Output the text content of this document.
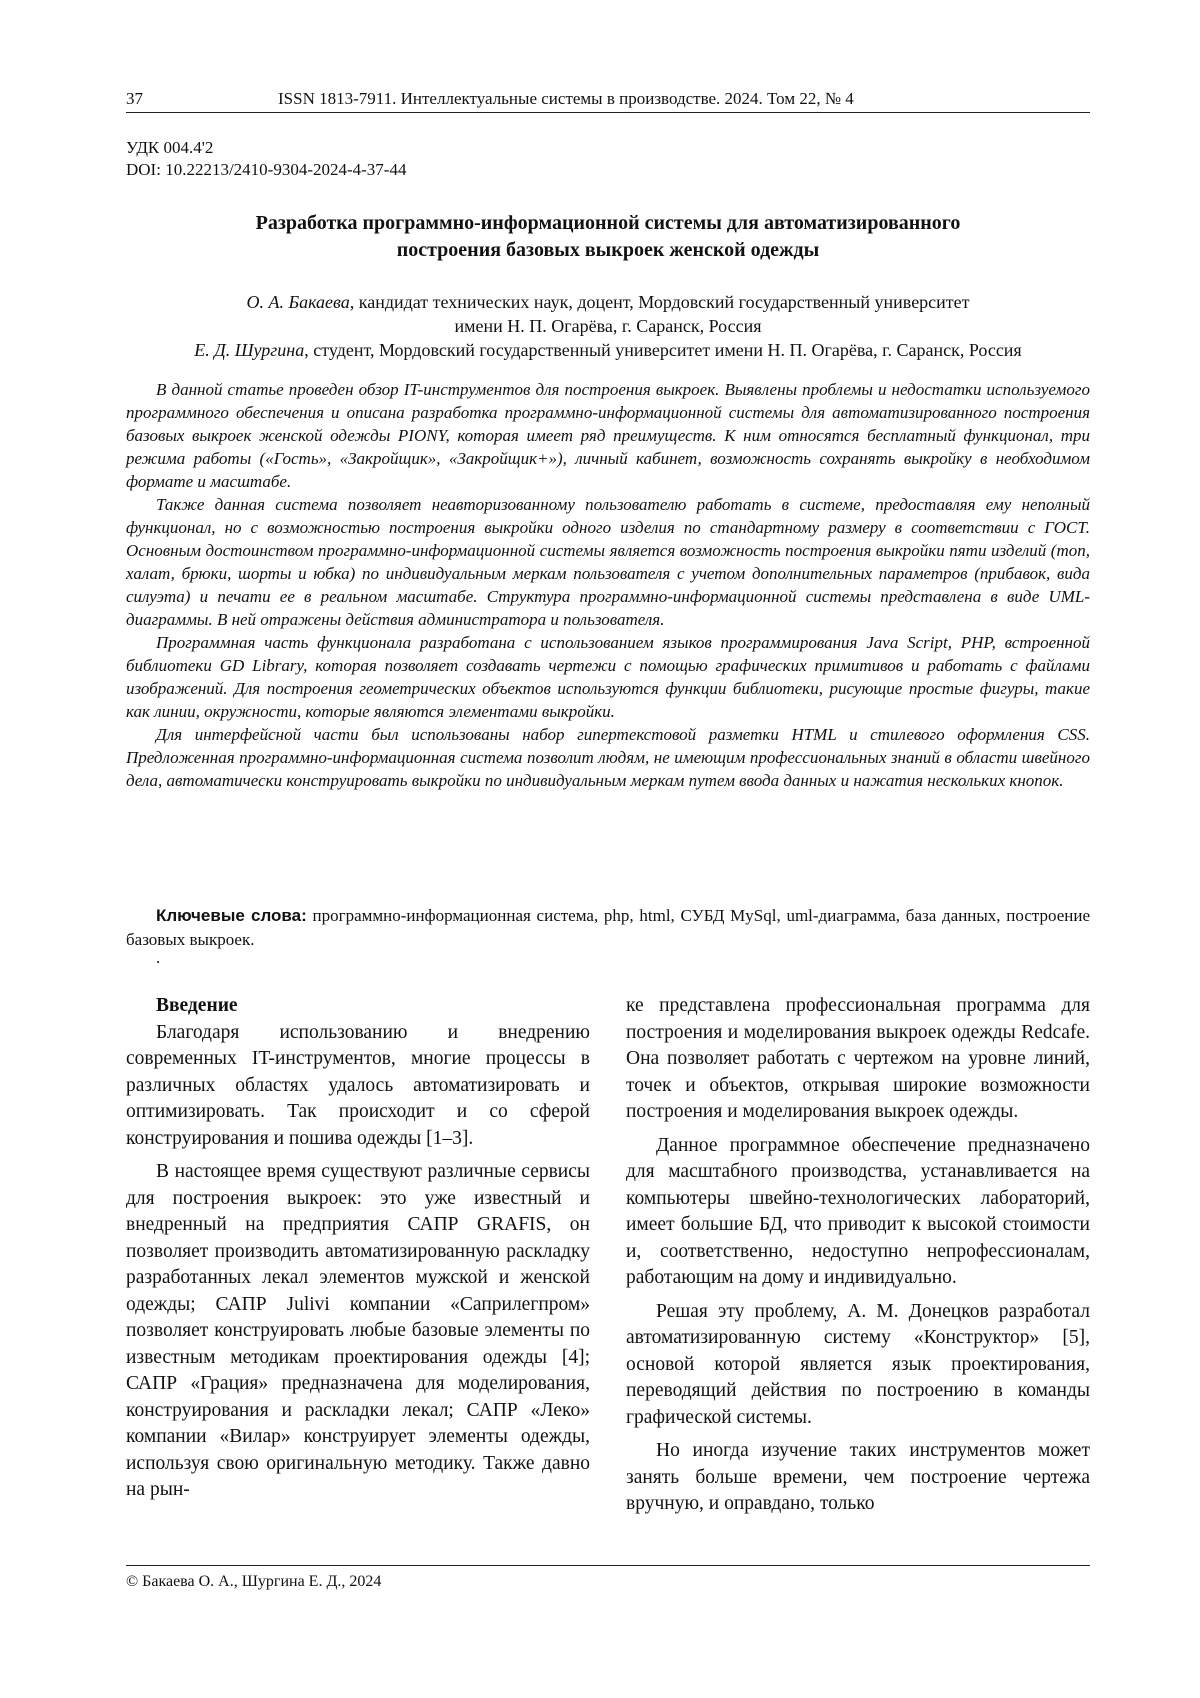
37	ISSN 1813-7911. Интеллектуальные системы в производстве. 2024. Том 22, № 4
УДК 004.4'2
DOI: 10.22213/2410-9304-2024-4-37-44
Разработка программно-информационной системы для автоматизированного
построения базовых выкроек женской одежды
О. А. Бакаева, кандидат технических наук, доцент, Мордовский государственный университет
имени Н. П. Огарёва, г. Саранск, Россия
Е. Д. Шургина, студент, Мордовский государственный университет имени Н. П. Огарёва, г. Саранск, Россия

В данной статье проведен обзор IT-инструментов для построения выкроек. Выявлены проблемы и недостатки используемого программного обеспечения и описана разработка программно-информационной системы для автоматизированного построения базовых выкроек женской одежды PIONY, которая имеет ряд преимуществ. К ним относятся бесплатный функционал, три режима работы («Гость», «Закройщик», «Закройщик+»), личный кабинет, возможность сохранять выкройку в необходимом формате и масштабе.

Также данная система позволяет неавторизованному пользователю работать в системе, предоставляя ему неполный функционал, но с возможностью построения выкройки одного изделия по стандартному размеру в соответствии с ГОСТ. Основным достоинством программно-информационной системы является возможность построения выкройки пяти изделий (топ, халат, брюки, шорты и юбка) по индивидуальным меркам пользователя с учетом дополнительных параметров (прибавок, вида силуэта) и печати ее в реальном масштабе. Структура программно-информационной системы представлена в виде UML-диаграммы. В ней отражены действия администратора и пользователя.

Программная часть функционала разработана с использованием языков программирования Java Script, PHP, встроенной библиотеки GD Library, которая позволяет создавать чертежи с помощью графических примитивов и работать с файлами изображений. Для построения геометрических объектов используются функции библиотеки, рисующие простые фигуры, такие как линии, окружности, которые являются элементами выкройки.

Для интерфейсной части был использованы набор гипертекстовой разметки HTML и стилевого оформления CSS. Предложенная программно-информационная система позволит людям, не имеющим профессиональных знаний в области швейного дела, автоматически конструировать выкройки по индивидуальным меркам путем ввода данных и нажатия нескольких кнопок.

Ключевые слова: программно-информационная система, php, html, СУБД MySql, uml-диаграмма, база данных, построение базовых выкроек.

.
Введение

Благодаря использованию и внедрению современных IT-инструментов, многие процессы в различных областях удалось автоматизировать и оптимизировать. Так происходит и со сферой конструирования и пошива одежды [1–3].

В настоящее время существуют различные сервисы для построения выкроек: это уже известный и внедренный на предприятия САПР GRAFIS, он позволяет производить автоматизированную раскладку разработанных лекал элементов мужской и женской одежды; САПР Julivi компании «Саприлегпром» позволяет конструировать любые базовые элементы по известным методикам проектирования одежды [4]; САПР «Грация» предназначена для моделирования, конструирования и раскладки лекал; САПР «Леко» компании «Вилар» конструирует элементы одежды, используя свою оригинальную методику. Также давно на рын-

ке представлена профессиональная программа для построения и моделирования выкроек одежды Redcafe. Она позволяет работать с чертежом на уровне линий, точек и объектов, открывая широкие возможности построения и моделирования выкроек одежды.

Данное программное обеспечение предназначено для масштабного производства, устанавливается на компьютеры швейно-технологических лабораторий, имеет большие БД, что приводит к высокой стоимости и, соответственно, недоступно непрофессионалам, работающим на дому и индивидуально.

Решая эту проблему, А. М. Донецков разработал автоматизированную систему «Конструктор» [5], основой которой является язык проектирования, переводящий действия по построению в команды графической системы.

Но иногда изучение таких инструментов может занять больше времени, чем построение чертежа вручную, и оправдано, только

© Бакаева О. А., Шургина Е. Д., 2024
